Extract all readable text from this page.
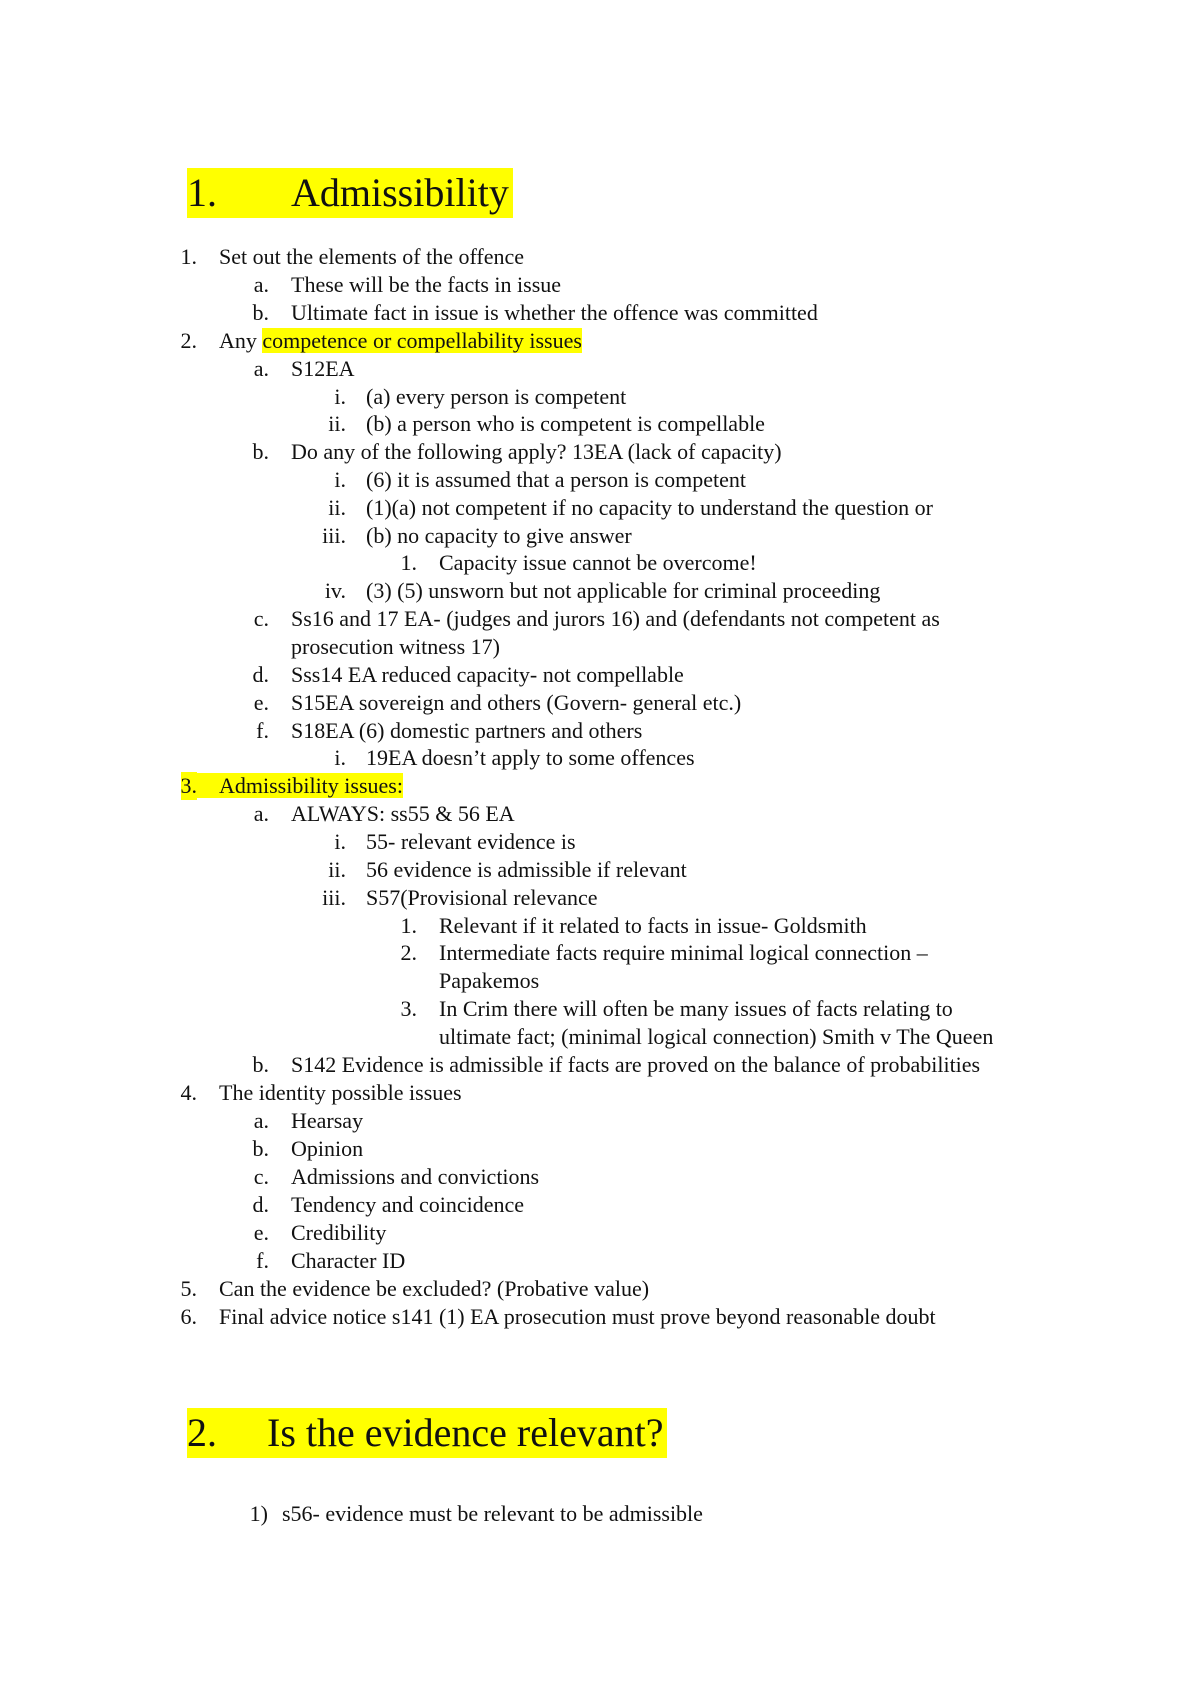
1. Admissibility
1. Set out the elements of the offence
a. These will be the facts in issue
b. Ultimate fact in issue is whether the offence was committed
2. Any competence or compellability issues
a. S12EA
i. (a) every person is competent
ii. (b) a person who is competent is compellable
b. Do any of the following apply? 13EA (lack of capacity)
i. (6) it is assumed that a person is competent
ii. (1)(a) not competent if no capacity to understand the question or
iii. (b) no capacity to give answer
1. Capacity issue cannot be overcome!
iv. (3) (5) unsworn but not applicable for criminal proceeding
c. Ss16 and 17 EA- (judges and jurors 16) and (defendants not competent as
prosecution witness 17)
d. Sss14 EA reduced capacity- not compellable
e. S15EA sovereign and others (Govern- general etc.)
f. S18EA (6) domestic partners and others
i. 19EA doesn’t apply to some offences
3.	Admissibility issues:
a. ALWAYS: ss55 & 56 EA
i. 55- relevant evidence is
ii. 56 evidence is admissible if relevant
iii. S57(Provisional relevance
1. Relevant if it related to facts in issue- Goldsmith
2. Intermediate facts require minimal logical connection –
Papakemos
3. In Crim there will often be many issues of facts relating to
ultimate fact; (minimal logical connection) Smith v The Queen
b. S142 Evidence is admissible if facts are proved on the balance of probabilities
4. The identity possible issues
a. Hearsay
b. Opinion
c. Admissions and convictions
d. Tendency and coincidence
e. Credibility
f. Character ID
5. Can the evidence be excluded? (Probative value)
6. Final advice notice s141 (1) EA prosecution must prove beyond reasonable doubt
2. Is the evidence relevant?
1) s56- evidence must be relevant to be admissible
